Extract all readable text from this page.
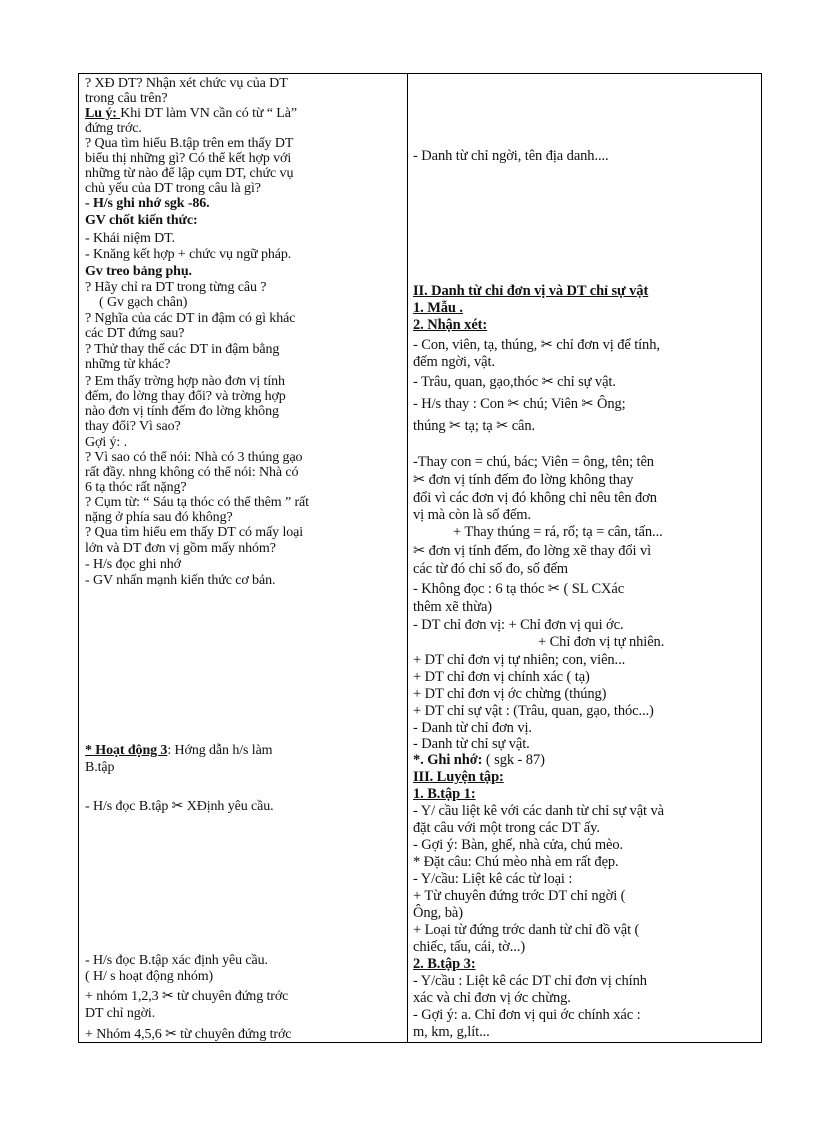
? XĐ DT? Nhận xét chức vụ của DT
trong câu trên?
Lu ý: Khi DT làm VN cần có từ “ Là”
đứng trớc.
? Qua tìm hiểu B.tập trên em thấy DT
biểu thị những gì? Có thể kết hợp với
những từ nào để lập cụm DT, chức vụ
chủ yếu của DT trong câu là gì?
- H/s ghi nhớ sgk -86.
GV chốt kiến thức:
- Khái niệm DT.
- Knăng kết hợp + chức vụ ngữ pháp.
Gv treo bảng phụ.
? Hãy chỉ ra DT trong từng câu ?
( Gv gạch chân)
? Nghĩa của các DT in đậm có gì khác
các DT đứng sau?
? Thử thay thế các DT in đậm bằng
những từ khác?
? Em thấy trờng hợp nào đơn vị tính
đếm, đo lờng thay đổi? và trờng hợp
nào đơn vị tính đếm đo lờng không
thay đổi? Vì sao?
Gợi ý: .
? Vì sao có thể nói: Nhà có 3 thúng gạo
rất đầy. nhng không có thể nói: Nhà có
6 tạ thóc rất nặng?
? Cụm từ: “ Sáu tạ thóc có thể thêm ” rất
nặng ở phía sau đó không?
? Qua tìm hiểu em thấy DT có mấy loại
lớn và DT đơn vị gồm mấy nhóm?
- H/s đọc ghi nhớ
- GV nhấn mạnh kiến thức cơ bản.
* Hoạt động 3: Hớng dẫn h/s làm
B.tập
- H/s đọc B.tập ✂ XĐịnh yêu cầu.
- H/s đọc B.tập xác định yêu cầu.
( H/ s hoạt động nhóm)
+ nhóm 1,2,3 ✂ từ chuyên đứng trớc
DT chỉ ngời.
+ Nhóm 4,5,6 ✂ từ chuyên đứng trớc
- Danh từ chỉ ngời, tên địa danh....
II. Danh từ chỉ đơn vị và DT chỉ sự vật
1. Mẫu .
2. Nhận xét:
- Con, viên, tạ, thúng, ✂ chỉ đơn vị để tính,
đếm ngời, vật.
- Trâu, quan, gạo,thóc ✂ chỉ sự vật.
- H/s thay : Con ✂ chú; Viên ✂ Ông;
thúng ✂ tạ; tạ ✂ cân.
-Thay con = chú, bác; Viên = ông, tên; tên
✂ đơn vị tính đếm đo lờng không thay
đổi vì các đơn vị đó không chỉ nêu tên đơn
vị mà còn là số đếm.
+ Thay thúng = rá, rổ; tạ = cân, tấn...
✂ đơn vị tính đếm, đo lờng xẽ thay đổi vì
các từ đó chỉ số đo, số đếm
- Không đọc : 6 tạ thóc ✂ ( SL CXác
thêm xẽ thừa)
- DT chỉ đơn vị: + Chỉ đơn vị qui ớc.
+ Chỉ đơn vị tự nhiên.
+ DT chỉ đơn vị tự nhiên; con, viên...
+ DT chỉ đơn vị chính xác ( tạ)
+ DT chỉ đơn vị ớc chừng (thúng)
+ DT chỉ sự vật : (Trâu, quan, gạo, thóc...)
- Danh từ chỉ đơn vị.
- Danh từ chỉ sự vật.
*. Ghi nhớ: ( sgk - 87)
III. Luyện tập:
1. B.tập 1:
- Y/ cầu liệt kê với các danh từ chỉ sự vật và
đặt câu với một trong các DT ấy.
- Gợi ý: Bàn, ghế, nhà cửa, chú mèo.
* Đặt câu: Chú mèo nhà em rất đẹp.
- Y/cầu: Liệt kê các từ loại :
+ Từ chuyên đứng trớc DT chỉ ngời (
Ông, bà)
+ Loại từ đứng trớc danh từ chỉ đồ vật (
chiếc, tấu, cái, tờ...)
2. B.tập 3:
- Y/cầu : Liệt kê các DT chỉ đơn vị chính
xác và chỉ đơn vị ớc chừng.
- Gợi ý: a. Chỉ đơn vị qui ớc chính xác :
m, km, g,lít...
